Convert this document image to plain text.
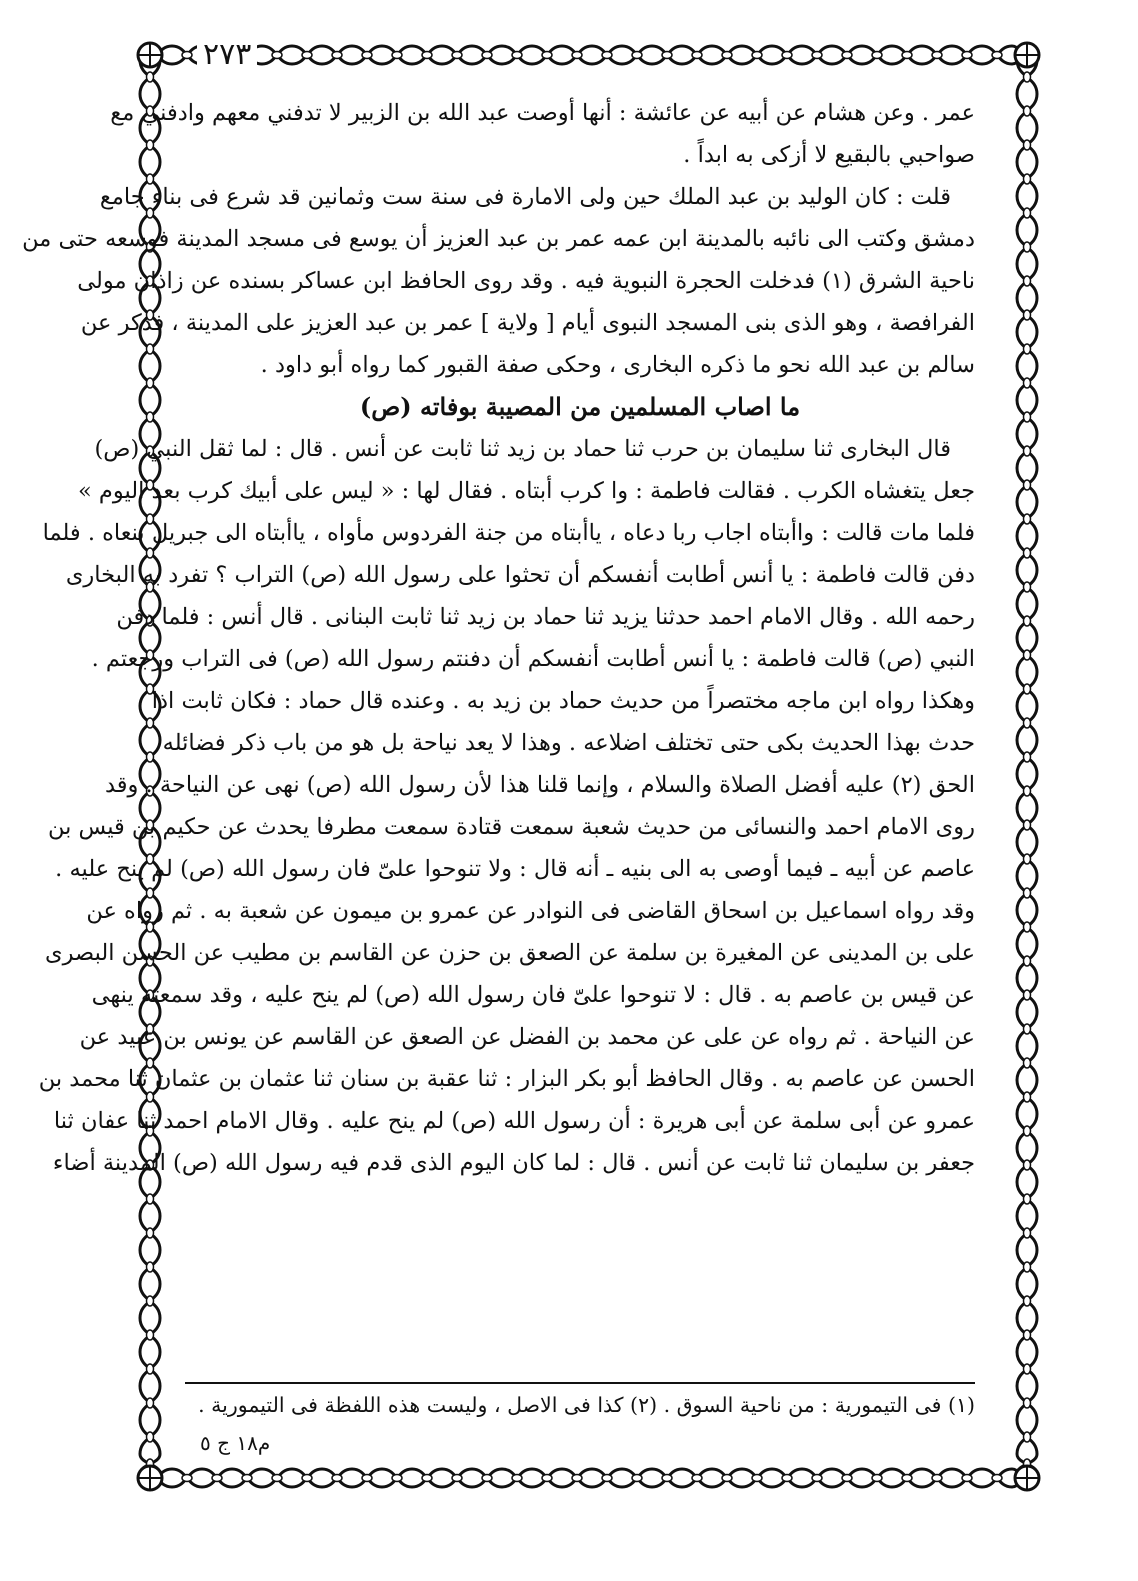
٢٧٣
عمر . وعن هشام عن أبيه عن عائشة : أنها أوصت عبد الله بن الزبير لا تدفني معهم وادفني مع
صواحبي بالبقيع لا أزكى به ابداً .
قلت : كان الوليد بن عبد الملك حين ولى الامارة فى سنة ست وثمانين قد شرع فى بناء جامع
دمشق وكتب الى نائبه بالمدينة ابن عمه عمر بن عبد العزيز أن يوسع فى مسجد المدينة فوسعه حتى من
ناحية الشرق (١) فدخلت الحجرة النبوية فيه . وقد روى الحافظ ابن عساكر بسنده عن زاذان مولى
الفرافصة ، وهو الذى بنى المسجد النبوى أيام [ ولاية ] عمر بن عبد العزيز على المدينة ، فذكر عن
سالم بن عبد الله نحو ما ذكره البخارى ، وحكى صفة القبور كما رواه أبو داود .
ما اصاب المسلمين من المصيبة بوفاته (ص)
قال البخارى ثنا سليمان بن حرب ثنا حماد بن زيد ثنا ثابت عن أنس . قال : لما ثقل النبي (ص)
جعل يتغشاه الكرب . فقالت فاطمة : وا كرب أبتاه . فقال لها : « ليس على أبيك كرب بعد اليوم »
فلما مات قالت : واأبتاه اجاب ربا دعاه ، ياأبتاه من جنة الفردوس مأواه ، ياأبتاه الى جبريل ننعاه . فلما
دفن قالت فاطمة : يا أنس أطابت أنفسكم أن تحثوا على رسول الله (ص) التراب ؟ تفرد به البخارى
رحمه الله . وقال الامام احمد حدثنا يزيد ثنا حماد بن زيد ثنا ثابت البنانى . قال أنس : فلما دفن
النبي (ص) قالت فاطمة : يا أنس أطابت أنفسكم أن دفنتم رسول الله (ص) فى التراب ورجعتم .
وهكذا رواه ابن ماجه مختصراً من حديث حماد بن زيد به . وعنده قال حماد : فكان ثابت اذا
حدث بهذا الحديث بكى حتى تختلف اضلاعه . وهذا لا يعد نياحة بل هو من باب ذكر فضائله
الحق (٢) عليه أفضل الصلاة والسلام ، وإنما قلنا هذا لأن رسول الله (ص) نهى عن النياحة . وقد
روى الامام احمد والنسائى من حديث شعبة سمعت قتادة سمعت مطرفا يحدث عن حكيم بن قيس بن
عاصم عن أبيه ـ فيما أوصى به الى بنيه ـ أنه قال : ولا تنوحوا علىّ فان رسول الله (ص) لم ينح عليه .
وقد رواه اسماعيل بن اسحاق القاضى فى النوادر عن عمرو بن ميمون عن شعبة به . ثم رواه عن
على بن المدينى عن المغيرة بن سلمة عن الصعق بن حزن عن القاسم بن مطيب عن الحسن البصرى
عن قيس بن عاصم به . قال : لا تنوحوا علىّ فان رسول الله (ص) لم ينح عليه ، وقد سمعته ينهى
عن النياحة . ثم رواه عن على عن محمد بن الفضل عن الصعق عن القاسم عن يونس بن عبيد عن
الحسن عن عاصم به . وقال الحافظ أبو بكر البزار : ثنا عقبة بن سنان ثنا عثمان بن عثمان ثنا محمد بن
عمرو عن أبى سلمة عن أبى هريرة : أن رسول الله (ص) لم ينح عليه . وقال الامام احمد ثنا عفان ثنا
جعفر بن سليمان ثنا ثابت عن أنس . قال : لما كان اليوم الذى قدم فيه رسول الله (ص) المدينة أضاء
(١) فى التيمورية : من ناحية السوق . (٢) كذا فى الاصل ، وليست هذه اللفظة فى التيمورية .
م١٨ ج ٥
